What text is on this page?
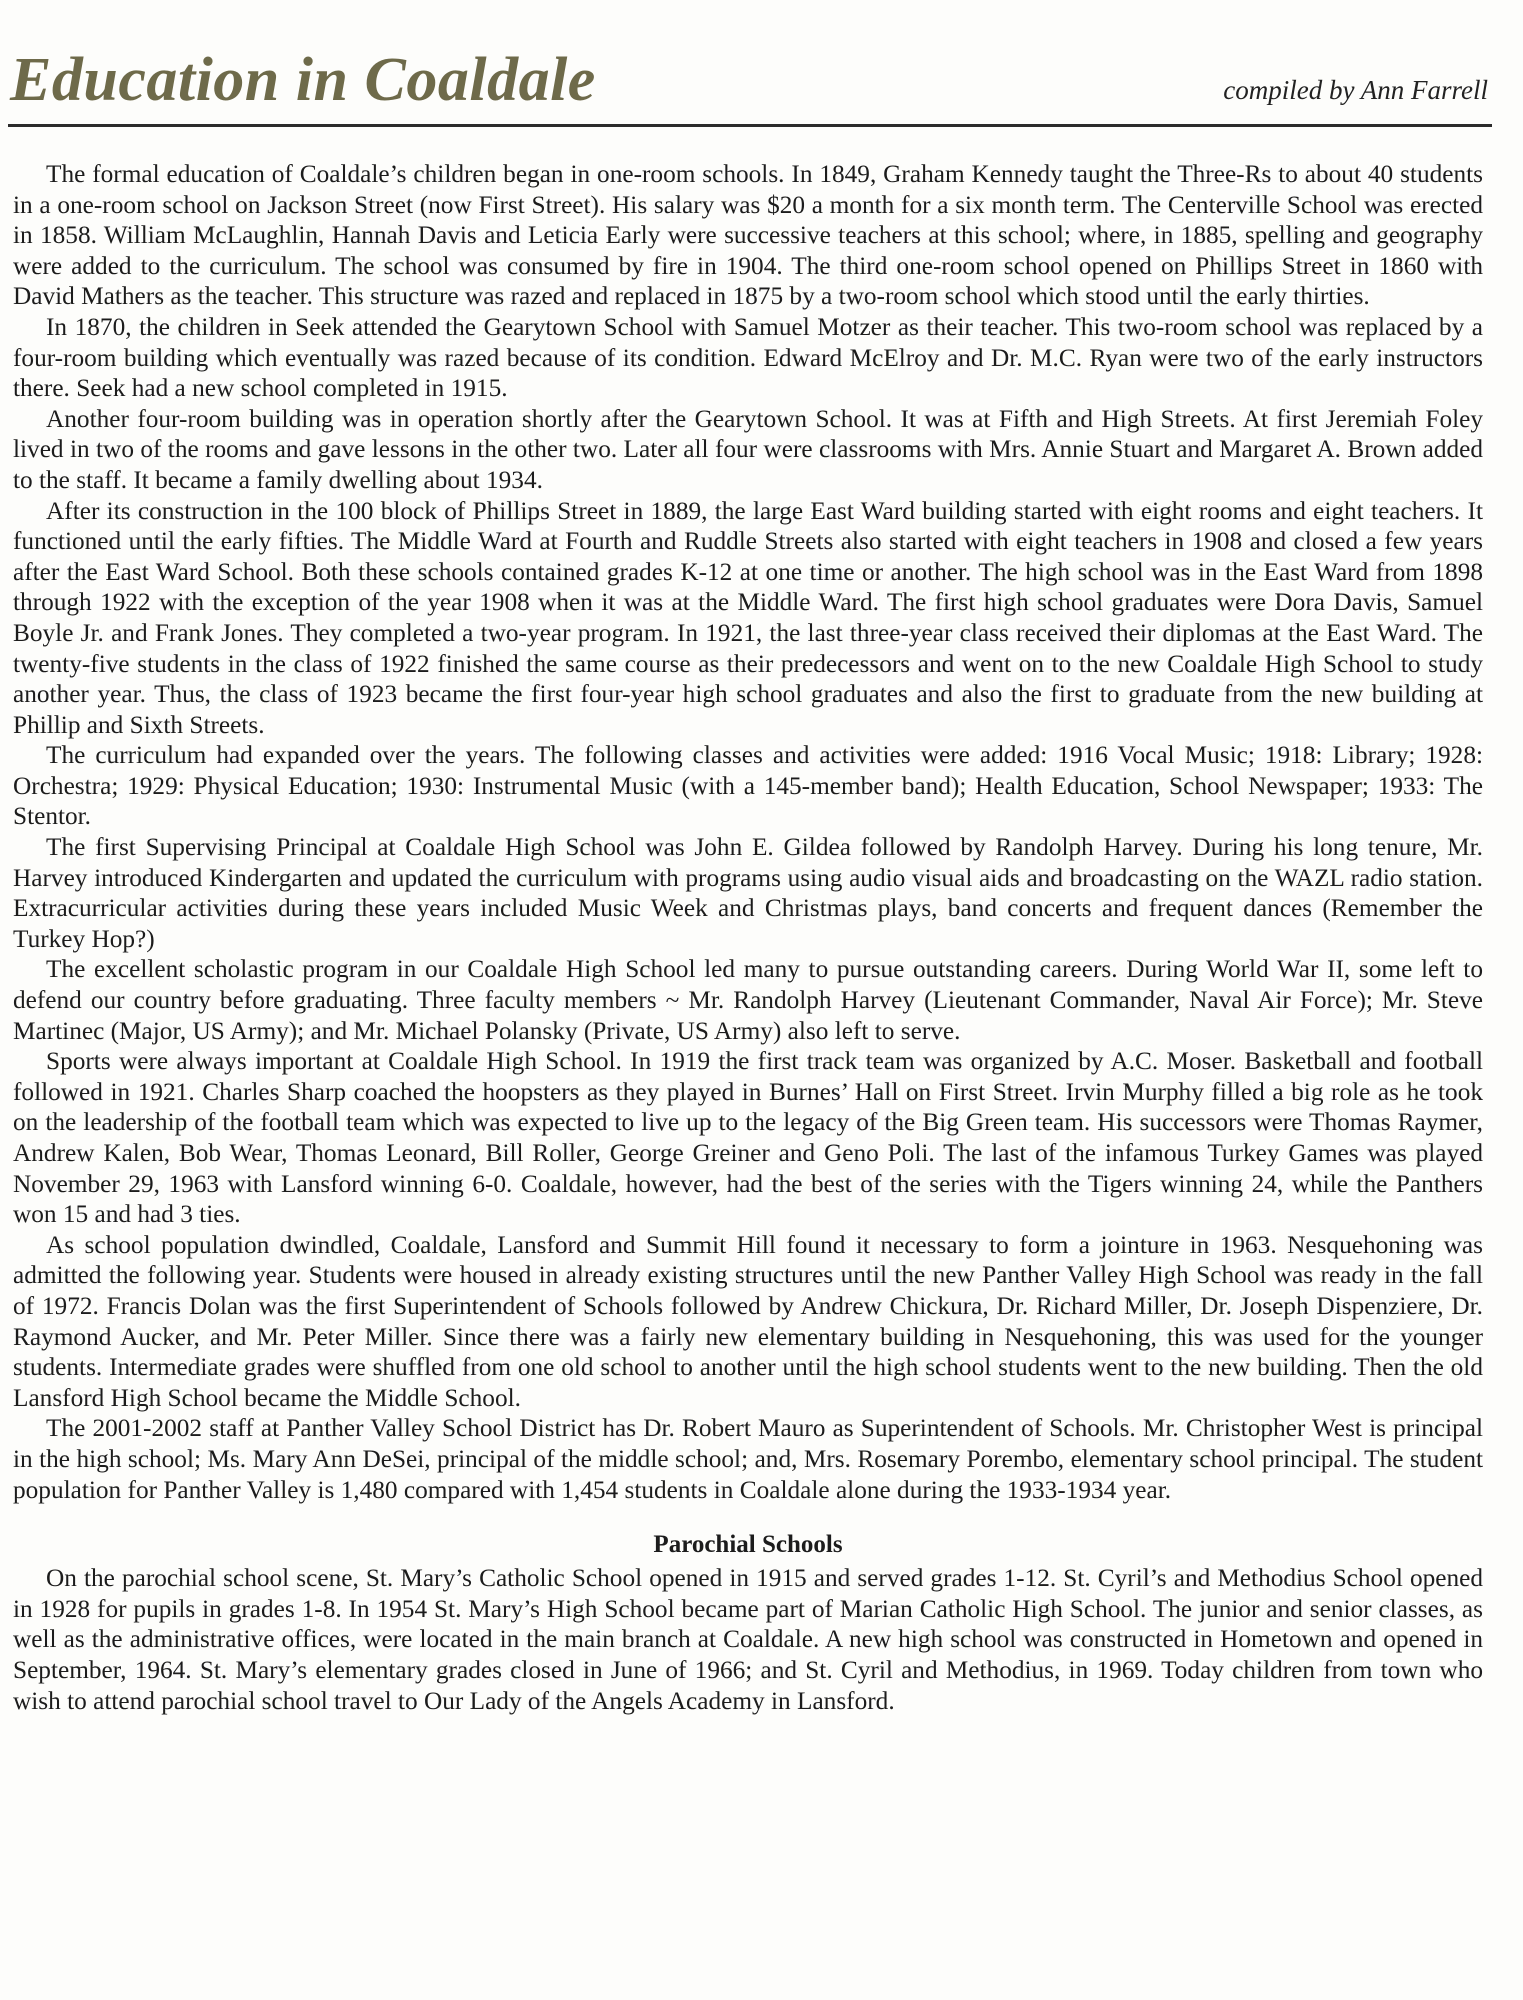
Education in Coaldale	compiled by Ann Farrell

The formal education of Coaldale’s children began in one-room schools. In 1849, Graham Kennedy taught the Three-Rs to about 40 students in a one-room school on Jackson Street (now First Street). His salary was $20 a month for a six month term. The Centerville School was erected in 1858. William McLaughlin, Hannah Davis and Leticia Early were successive teachers at this school; where, in 1885, spelling and geography were added to the curriculum. The school was consumed by fire in 1904. The third one-room school opened on Phillips Street in 1860 with David Mathers as the teacher. This structure was razed and replaced in 1875 by a two-room school which stood until the early thirties.

In 1870, the children in Seek attended the Gearytown School with Samuel Motzer as their teacher. This two-room school was replaced by a four-room building which eventually was razed because of its condition. Edward McElroy and Dr. M.C. Ryan were two of the early instructors there. Seek had a new school completed in 1915.

Another four-room building was in operation shortly after the Gearytown School. It was at Fifth and High Streets. At first Jeremiah Foley lived in two of the rooms and gave lessons in the other two. Later all four were classrooms with Mrs. Annie Stuart and Margaret A. Brown added to the staff. It became a family dwelling about 1934.

After its construction in the 100 block of Phillips Street in 1889, the large East Ward building started with eight rooms and eight teachers. It functioned until the early fifties. The Middle Ward at Fourth and Ruddle Streets also started with eight teachers in 1908 and closed a few years after the East Ward School. Both these schools contained grades K-12 at one time or another. The high school was in the East Ward from 1898 through 1922 with the exception of the year 1908 when it was at the Middle Ward. The first high school graduates were Dora Davis, Samuel Boyle Jr. and Frank Jones. They completed a two-year program. In 1921, the last three-year class received their diplomas at the East Ward. The twenty-five students in the class of 1922 finished the same course as their predecessors and went on to the new Coaldale High School to study another year. Thus, the class of 1923 became the first four-year high school graduates and also the first to graduate from the new building at Phillip and Sixth Streets.

The curriculum had expanded over the years. The following classes and activities were added: 1916 Vocal Music; 1918: Library; 1928: Orchestra; 1929: Physical Education; 1930: Instrumental Music (with a 145-member band); Health Education, School Newspaper; 1933: The Stentor.

The first Supervising Principal at Coaldale High School was John E. Gildea followed by Randolph Harvey. During his long tenure, Mr. Harvey introduced Kindergarten and updated the curriculum with programs using audio visual aids and broadcasting on the WAZL radio station. Extracurricular activities during these years included Music Week and Christmas plays, band concerts and frequent dances (Remember the Turkey Hop?)

The excellent scholastic program in our Coaldale High School led many to pursue outstanding careers. During World War II, some left to defend our country before graduating. Three faculty members ~ Mr. Randolph Harvey (Lieutenant Commander, Naval Air Force); Mr. Steve Martinec (Major, US Army); and Mr. Michael Polansky (Private, US Army) also left to serve.

Sports were always important at Coaldale High School. In 1919 the first track team was organized by A.C. Moser. Basketball and football followed in 1921. Charles Sharp coached the hoopsters as they played in Burnes’ Hall on First Street. Irvin Murphy filled a big role as he took on the leadership of the football team which was expected to live up to the legacy of the Big Green team. His successors were Thomas Raymer, Andrew Kalen, Bob Wear, Thomas Leonard, Bill Roller, George Greiner and Geno Poli. The last of the infamous Turkey Games was played November 29, 1963 with Lansford winning 6-0. Coaldale, however, had the best of the series with the Tigers winning 24, while the Panthers won 15 and had 3 ties.

As school population dwindled, Coaldale, Lansford and Summit Hill found it necessary to form a jointure in 1963. Nesquehoning was admitted the following year. Students were housed in already existing structures until the new Panther Valley High School was ready in the fall of 1972. Francis Dolan was the first Superintendent of Schools followed by Andrew Chickura, Dr. Richard Miller, Dr. Joseph Dispenziere, Dr. Raymond Aucker, and Mr. Peter Miller. Since there was a fairly new elementary building in Nesquehoning, this was used for the younger students. Intermediate grades were shuffled from one old school to another until the high school students went to the new building. Then the old Lansford High School became the Middle School.

The 2001-2002 staff at Panther Valley School District has Dr. Robert Mauro as Superintendent of Schools. Mr. Christopher West is principal in the high school; Ms. Mary Ann DeSei, principal of the middle school; and, Mrs. Rosemary Porembo, elementary school principal. The student population for Panther Valley is 1,480 compared with 1,454 students in Coaldale alone during the 1933-1934 year.

Parochial Schools

On the parochial school scene, St. Mary’s Catholic School opened in 1915 and served grades 1-12. St. Cyril’s and Methodius School opened in 1928 for pupils in grades 1-8. In 1954 St. Mary’s High School became part of Marian Catholic High School. The junior and senior classes, as well as the administrative offices, were located in the main branch at Coaldale. A new high school was constructed in Hometown and opened in September, 1964. St. Mary’s elementary grades closed in June of 1966; and St. Cyril and Methodius, in 1969. Today children from town who wish to attend parochial school travel to Our Lady of the Angels Academy in Lansford.
